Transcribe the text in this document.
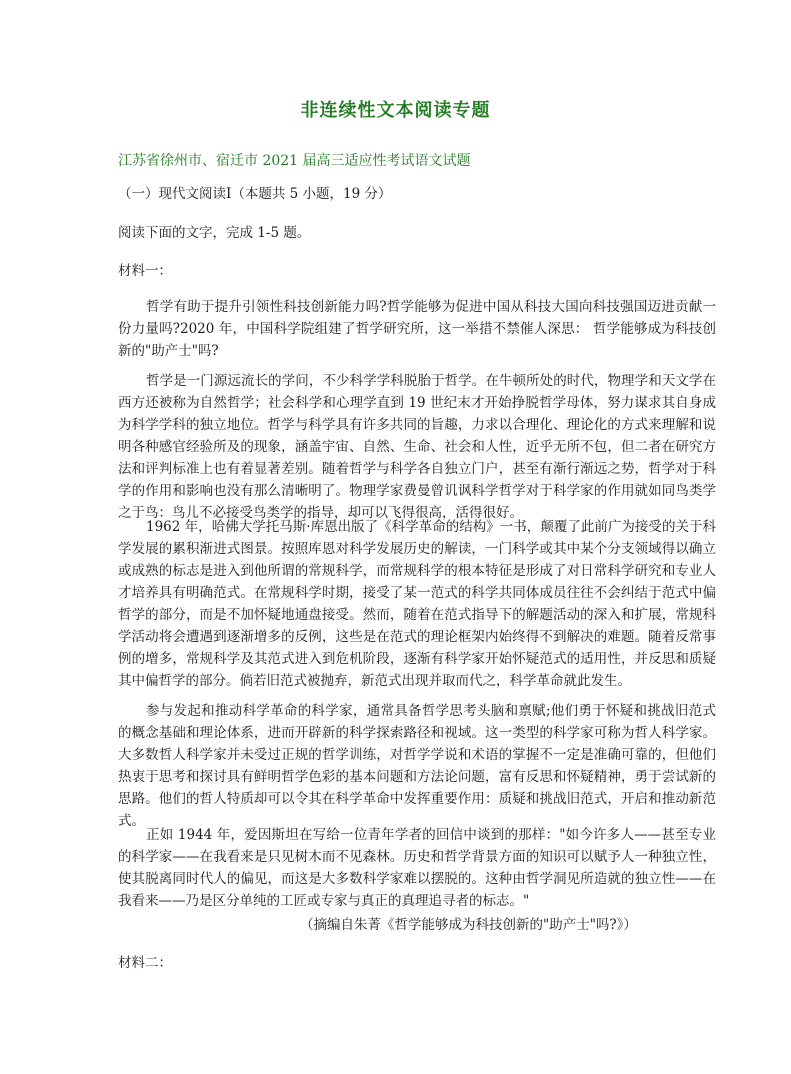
非连续性文本阅读专题
江苏省徐州市、宿迁市 2021 届高三适应性考试语文试题
（一）现代文阅读Ⅰ（本题共 5 小题，19 分）
阅读下面的文字，完成 1-5 题。
材料一：
哲学有助于提升引领性科技创新能力吗?哲学能够为促进中国从科技大国向科技强国迈进贡献一份力量吗?2020 年，中国科学院组建了哲学研究所，这一举措不禁催人深思： 哲学能够成为科技创新的"助产士"吗?
哲学是一门源远流长的学问，不少科学学科脱胎于哲学。在牛顿所处的时代，物理学和天文学在西方还被称为自然哲学；社会科学和心理学直到 19 世纪末才开始挣脱哲学母体，努力谋求其自身成为科学学科的独立地位。哲学与科学具有许多共同的旨趣，力求以合理化、理论化的方式来理解和说明各种感官经验所及的现象，涵盖宇宙、自然、生命、社会和人性，近乎无所不包，但二者在研究方法和评判标准上也有着显著差别。随着哲学与科学各自独立门户，甚至有渐行渐远之势，哲学对于科学的作用和影响也没有那么清晰明了。物理学家费曼曾讥讽科学哲学对于科学家的作用就如同鸟类学之于鸟：鸟儿不必接受鸟类学的指导，却可以飞得很高，活得很好。
1962 年，哈佛大学托马斯·库恩出版了《科学革命的结构》一书，颠覆了此前广为接受的关于科学发展的累积渐进式图景。按照库恩对科学发展历史的解读，一门科学或其中某个分支领域得以确立或成熟的标志是进入到他所谓的常规科学，而常规科学的根本特征是形成了对日常科学研究和专业人才培养具有明确范式。在常规科学时期，接受了某一范式的科学共同体成员往往不会纠结于范式中偏哲学的部分，而是不加怀疑地通盘接受。然而，随着在范式指导下的解题活动的深入和扩展，常规科学活动将会遭遇到逐渐增多的反例，这些是在范式的理论框架内始终得不到解决的难题。随着反常事例的增多，常规科学及其范式进入到危机阶段，逐渐有科学家开始怀疑范式的适用性，并反思和质疑其中偏哲学的部分。倘若旧范式被抛弃，新范式出现并取而代之，科学革命就此发生。
参与发起和推动科学革命的科学家，通常具备哲学思考头脑和禀赋;他们勇于怀疑和挑战旧范式的概念基础和理论体系，进而开辟新的科学探索路径和视域。这一类型的科学家可称为哲人科学家。大多数哲人科学家并未受过正规的哲学训练，对哲学学说和术语的掌握不一定是准确可靠的，但他们热衷于思考和探讨具有鲜明哲学色彩的基本问题和方法论问题，富有反思和怀疑精神，勇于尝试新的思路。他们的哲人特质却可以令其在科学革命中发挥重要作用：质疑和挑战旧范式，开启和推动新范式。
正如 1944 年，爱因斯坦在写给一位青年学者的回信中谈到的那样："如今许多人——甚至专业的科学家——在我看来是只见树木而不见森林。历史和哲学背景方面的知识可以赋予人一种独立性，使其脱离同时代人的偏见，而这是大多数科学家难以摆脱的。这种由哲学洞见所造就的独立性——在我看来——乃是区分单纯的工匠或专家与真正的真理追寻者的标志。"
（摘编自朱菁《哲学能够成为科技创新的"助产士"吗?》）
材料二：
